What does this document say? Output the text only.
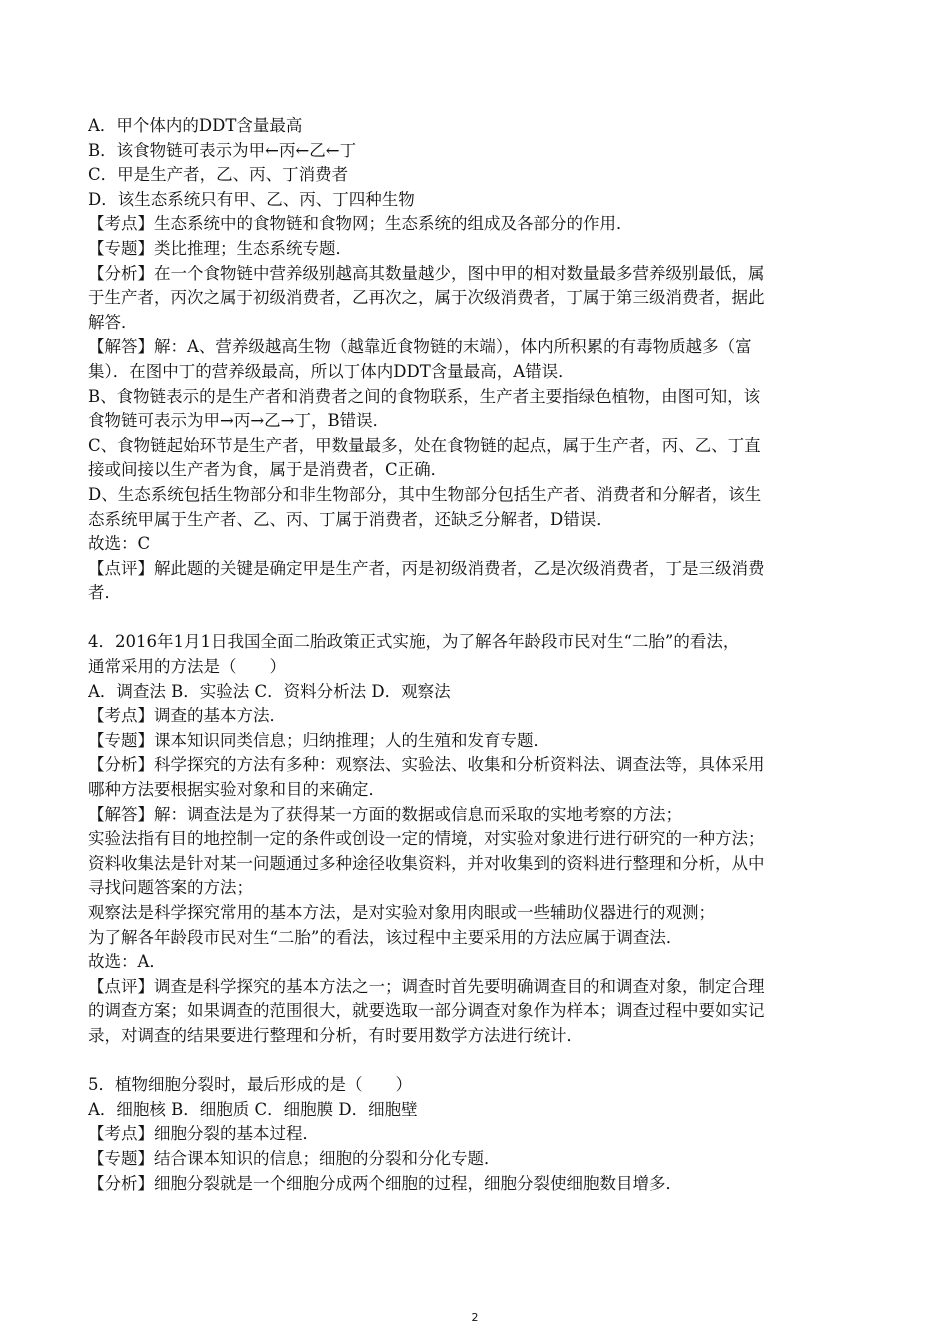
A．甲个体内的DDT含量最高
B．该食物链可表示为甲←丙←乙←丁
C．甲是生产者，乙、丙、丁消费者
D．该生态系统只有甲、乙、丙、丁四种生物
【考点】生态系统中的食物链和食物网；生态系统的组成及各部分的作用．
【专题】类比推理；生态系统专题．
【分析】在一个食物链中营养级别越高其数量越少，图中甲的相对数量最多营养级别最低，属
于生产者，丙次之属于初级消费者，乙再次之，属于次级消费者，丁属于第三级消费者，据此
解答．
【解答】解：A、营养级越高生物（越靠近食物链的末端），体内所积累的有毒物质越多（富
集）．在图中丁的营养级最高，所以丁体内DDT含量最高，A错误．
B、食物链表示的是生产者和消费者之间的食物联系，生产者主要指绿色植物，由图可知，该
食物链可表示为甲→丙→乙→丁，B错误．
C、食物链起始环节是生产者，甲数量最多，处在食物链的起点，属于生产者，丙、乙、丁直
接或间接以生产者为食，属于是消费者，C正确．
D、生态系统包括生物部分和非生物部分，其中生物部分包括生产者、消费者和分解者，该生
态系统甲属于生产者、乙、丙、丁属于消费者，还缺乏分解者，D错误．
故选：C
【点评】解此题的关键是确定甲是生产者，丙是初级消费者，乙是次级消费者，丁是三级消费
者．
4．2016年1月1日我国全面二胎政策正式实施，为了解各年龄段市民对生“二胎”的看法，
通常采用的方法是（　　）
A．调查法 B．实验法 C．资料分析法 D．观察法
【考点】调查的基本方法．
【专题】课本知识同类信息；归纳推理；人的生殖和发育专题．
【分析】科学探究的方法有多种：观察法、实验法、收集和分析资料法、调查法等，具体采用
哪种方法要根据实验对象和目的来确定．
【解答】解：调查法是为了获得某一方面的数据或信息而采取的实地考察的方法；
实验法指有目的地控制一定的条件或创设一定的情境，对实验对象进行进行研究的一种方法；
资料收集法是针对某一问题通过多种途径收集资料，并对收集到的资料进行整理和分析，从中
寻找问题答案的方法；
观察法是科学探究常用的基本方法，是对实验对象用肉眼或一些辅助仪器进行的观测；
为了解各年龄段市民对生“二胎”的看法，该过程中主要采用的方法应属于调查法．
故选：A．
【点评】调查是科学探究的基本方法之一；调查时首先要明确调查目的和调查对象，制定合理
的调查方案；如果调查的范围很大，就要选取一部分调查对象作为样本；调查过程中要如实记
录，对调查的结果要进行整理和分析，有时要用数学方法进行统计．
5．植物细胞分裂时，最后形成的是（　　）
A．细胞核 B．细胞质 C．细胞膜 D．细胞壁
【考点】细胞分裂的基本过程．
【专题】结合课本知识的信息；细胞的分裂和分化专题．
【分析】细胞分裂就是一个细胞分成两个细胞的过程，细胞分裂使细胞数目增多．
2
